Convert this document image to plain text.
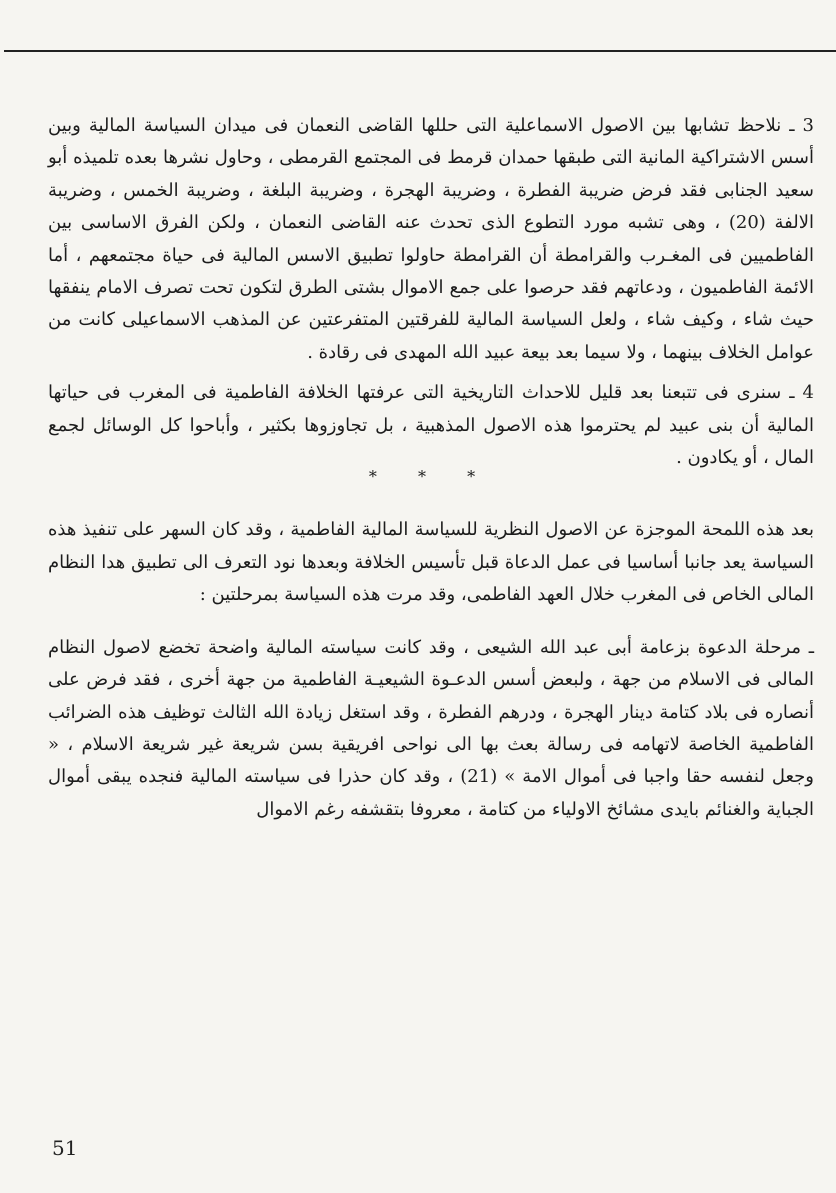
3 ـ نلاحظ تشابها بين الاصول الاسماعلية التى حللها القاضى النعمان فى ميدان السياسة المالية وبين أسس الاشتراكية المانية التى طبقها حمدان قرمط فى المجتمع القرمطى ، وحاول نشرها بعده تلميذه أبو سعيد الجنابى فقد فرض ضريبة الفطرة ، وضريبة الهجرة ، وضريبة البلغة ، وضريبة الخمس ، وضريبة الالفة (20) ، وهى تشبه مورد التطوع الذى تحدث عنه القاضى النعمان ، ولكن الفرق الاساسى بين الفاطميين فى المغـرب والقرامطة أن القرامطة حاولوا تطبيق الاسس المالية فى حياة مجتمعهم ، أما الائمة الفاطميون ، ودعاتهم فقد حرصوا على جمع الاموال بشتى الطرق لتكون تحت تصرف الامام ينفقها حيث شاء ، وكيف شاء ، ولعل السياسة المالية للفرقتين المتفرعتين عن المذهب الاسماعيلى كانت من عوامل الخلاف بينهما ، ولا سيما بعد بيعة عبيد الله المهدى فى رقادة .

4 ـ سنرى فى تتبعنا بعد قليل للاحداث التاريخية التى عرفتها الخلافة الفاطمية فى المغرب فى حياتها المالية أن بنى عبيد لم يحترموا هذه الاصول المذهبية ، بل تجاوزوها بكثير ، وأباحوا كل الوسائل لجمع المال ، أو يكادون .

* * *

بعد هذه اللمحة الموجزة عن الاصول النظرية للسياسة المالية الفاطمية ، وقد كان السهر على تنفيذ هذه السياسة يعد جانبا أساسيا فى عمل الدعاة قبل تأسيس الخلافة وبعدها نود التعرف الى تطبيق هدا النظام المالى الخاص فى المغرب خلال العهد الفاطمى، وقد مرت هذه السياسة بمرحلتين :

ـ مرحلة الدعوة بزعامة أبى عبد الله الشيعى ، وقد كانت سياسته المالية واضحة تخضع لاصول النظام المالى فى الاسلام من جهة ، ولبعض أسس الدعـوة الشيعيـة الفاطمية من جهة أخرى ، فقد فرض على أنصاره فى بلاد كتامة دينار الهجرة ، ودرهم الفطرة ، وقد استغل زيادة الله الثالث توظيف هذه الضرائب الفاطمية الخاصة لاتهامه فى رسالة بعث بها الى نواحى افريقية بسن شريعة غير شريعة الاسلام ، « وجعل لنفسه حقا واجبا فى أموال الامة » (21) ، وقد كان حذرا فى سياسته المالية فنجده يبقى أموال الجباية والغنائم بايدى مشائخ الاولياء من كتامة ، معروفا بتقشفه رغم الاموال

51
